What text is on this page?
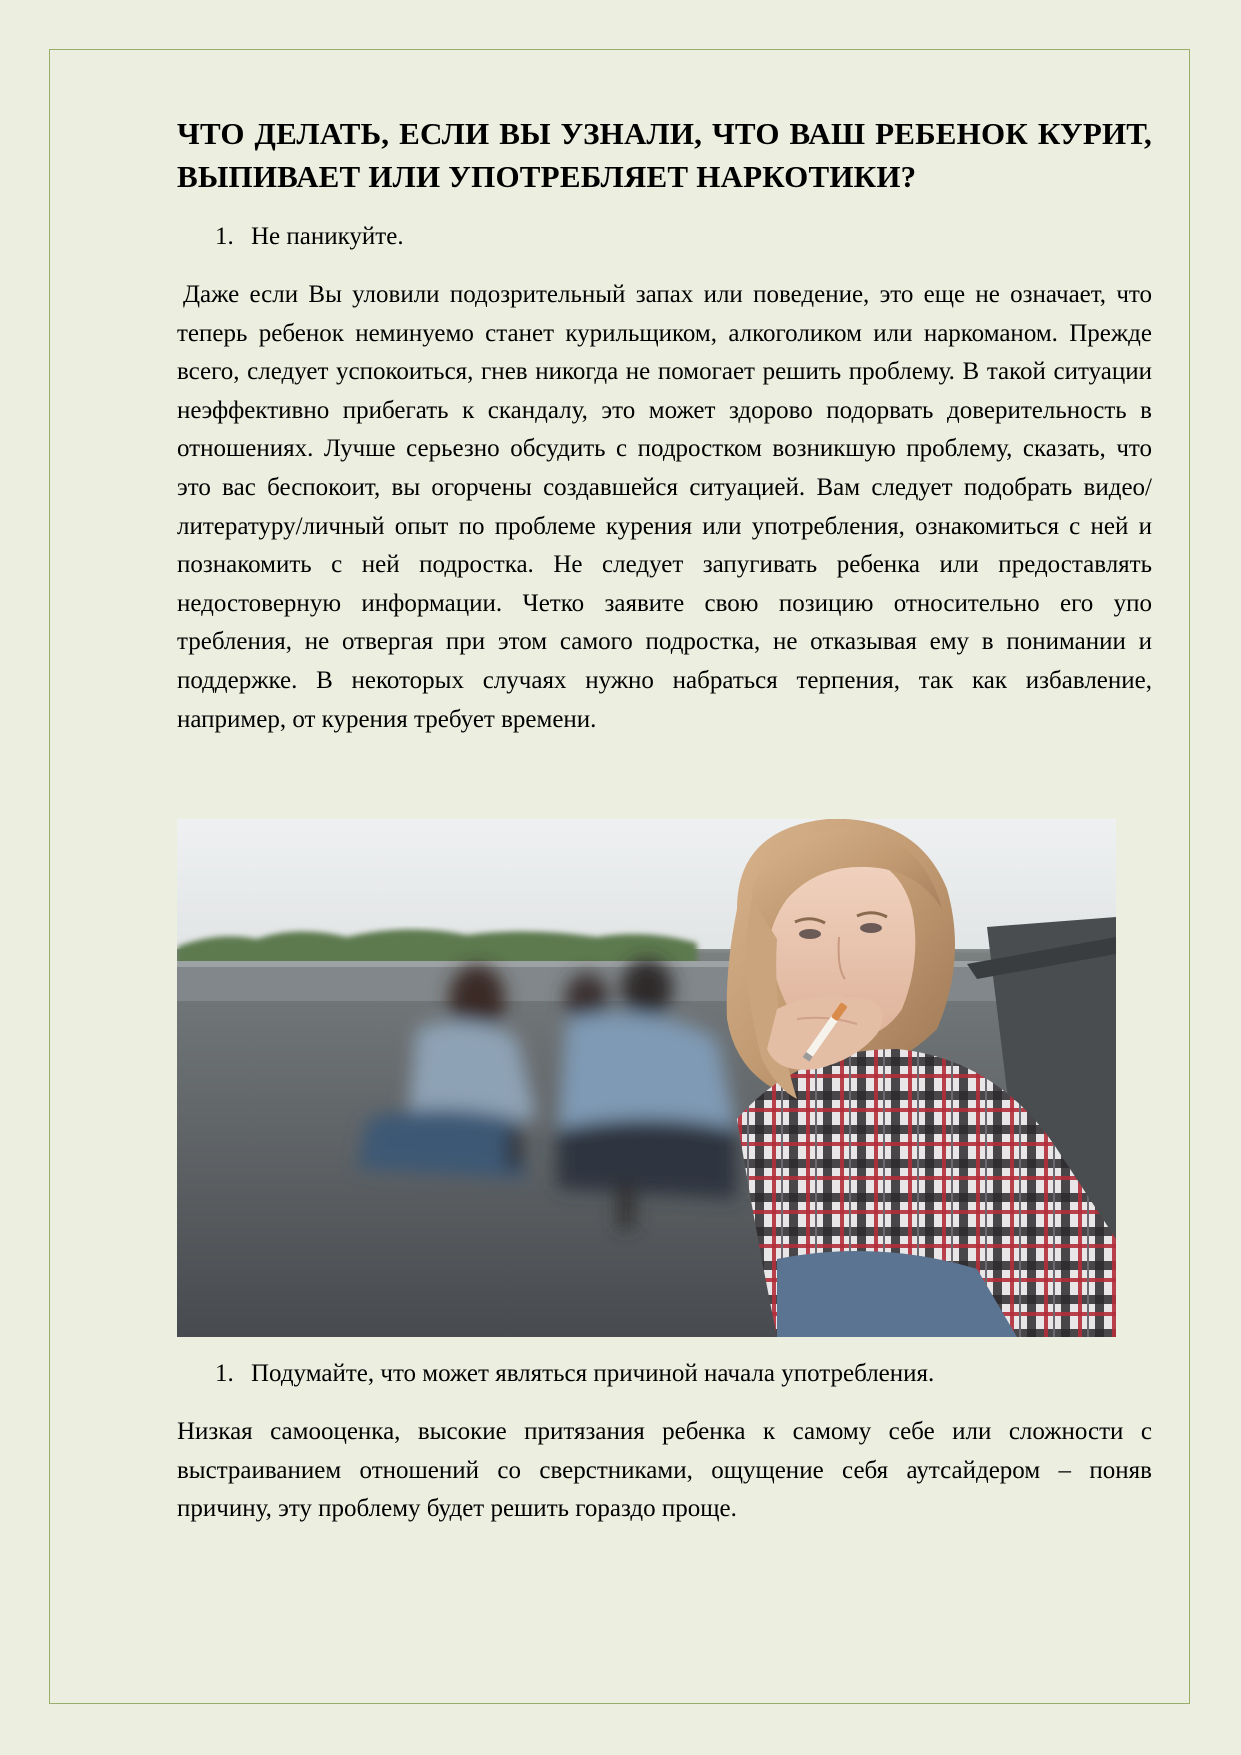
ЧТО ДЕЛАТЬ, ЕСЛИ ВЫ УЗНАЛИ, ЧТО ВАШ РЕБЕНОК КУРИТ, ВЫПИВАЕТ ИЛИ УПОТРЕБЛЯЕТ НАРКОТИКИ?
1. Не паникуйте.

Даже если Вы уловили подозрительный запах или поведение, это еще не означает, что теперь ребенок неминуемо станет курильщиком, алкоголиком или наркоманом. Прежде всего, следует успокоиться, гнев никогда не помогает решить проблему. В такой ситуации неэффективно прибегать к скандалу, это может здорово подорвать доверительность в отношениях. Лучше серьезно обсудить с подростком возникшую проблему, сказать, что это вас беспокоит, вы огорчены создавшейся ситуацией. Вам следует подобрать видео/литературу/личный опыт по проблеме курения или употребления, ознакомиться с ней и познакомить с ней подростка. Не следует запугивать ребенка или предоставлять недостоверную информации. Четко заявите свою позицию относительно его упо требления, не отвергая при этом самого подростка, не отказывая ему в понимании и поддержке. В некоторых случаях нужно набраться терпения, так как избавление, например, от курения требует времени.

1. Подумайте, что может являться причиной начала употребления.

Низкая самооценка, высокие притязания ребенка к самому себе или сложности с выстраиванием отношений со сверстниками, ощущение себя аутсайдером – поняв причину, эту проблему будет решить гораздо проще.
